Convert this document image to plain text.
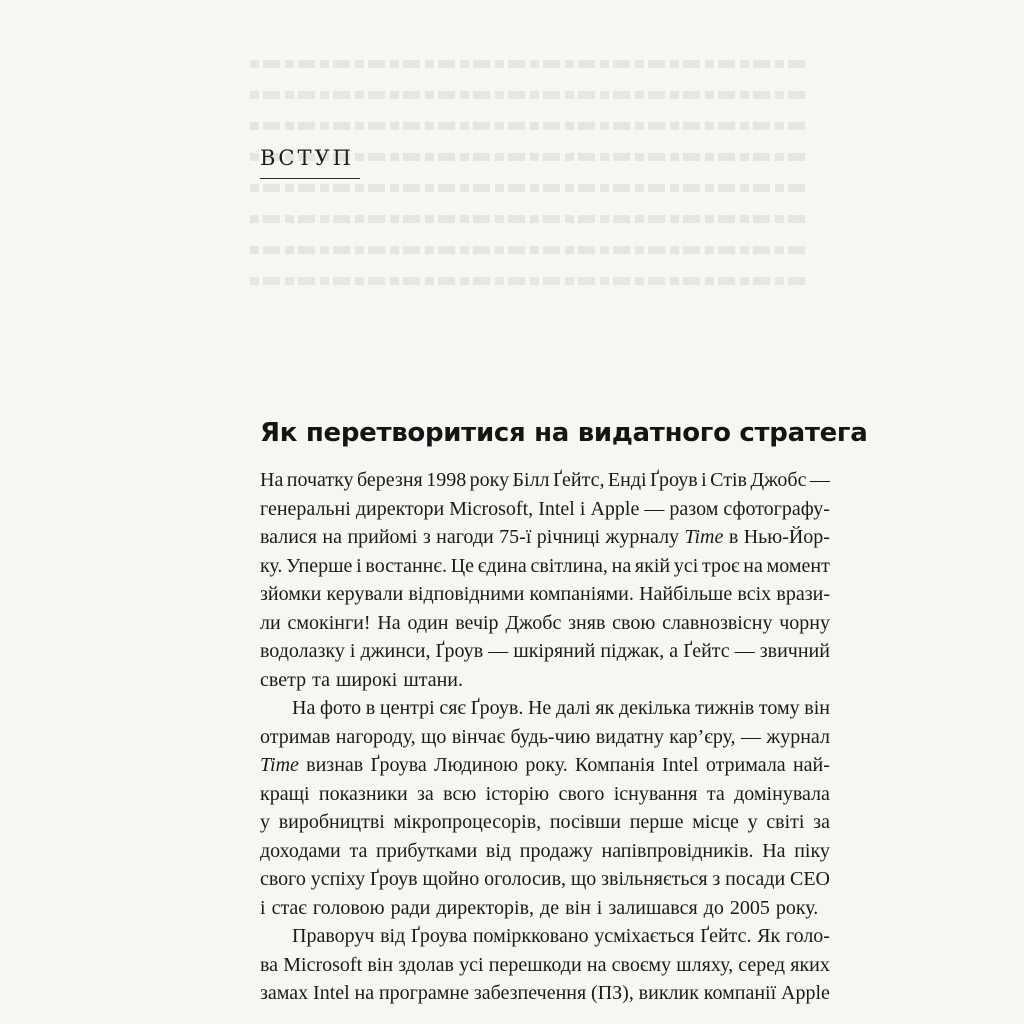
ВСТУП
Як перетворитися на видатного стратега
На початку березня 1998 року Білл Ґейтс, Енді Ґроув і Стів Джобс —
генеральні директори Microsoft, Intel і Apple — разом сфотографу-
валися на прийомі з нагоди 75-ї річниці журналу Time в Нью-Йор-
ку. Уперше і востаннє. Це єдина світлина, на якій усі троє на момент
зйомки керували відповідними компаніями. Найбільше всіх врази-
ли смокінги! На один вечір Джобс зняв свою славнозвісну чорну
водолазку і джинси, Ґроув — шкіряний піджак, а Ґейтс — звичний
светр та широкі штани.
На фото в центрі сяє Ґроув. Не далі як декілька тижнів тому він
отримав нагороду, що вінчає будь-чию видатну кар’єру, — журнал
Time визнав Ґроува Людиною року. Компанія Intel отримала най-
кращі показники за всю історію свого існування та домінувала
у виробництві мікропроцесорів, посівши перше місце у світі за
доходами та прибутками від продажу напівпровідників. На піку
свого успіху Ґроув щойно оголосив, що звільняється з посади CEO
і стає головою ради директорів, де він і залишався до 2005 року.
Праворуч від Ґроува поміркковано усміхається Ґейтс. Як голо-
ва Microsoft він здолав усі перешкоди на своєму шляху, серед яких
замах Intel на програмне забезпечення (ПЗ), виклик компанії Apple
